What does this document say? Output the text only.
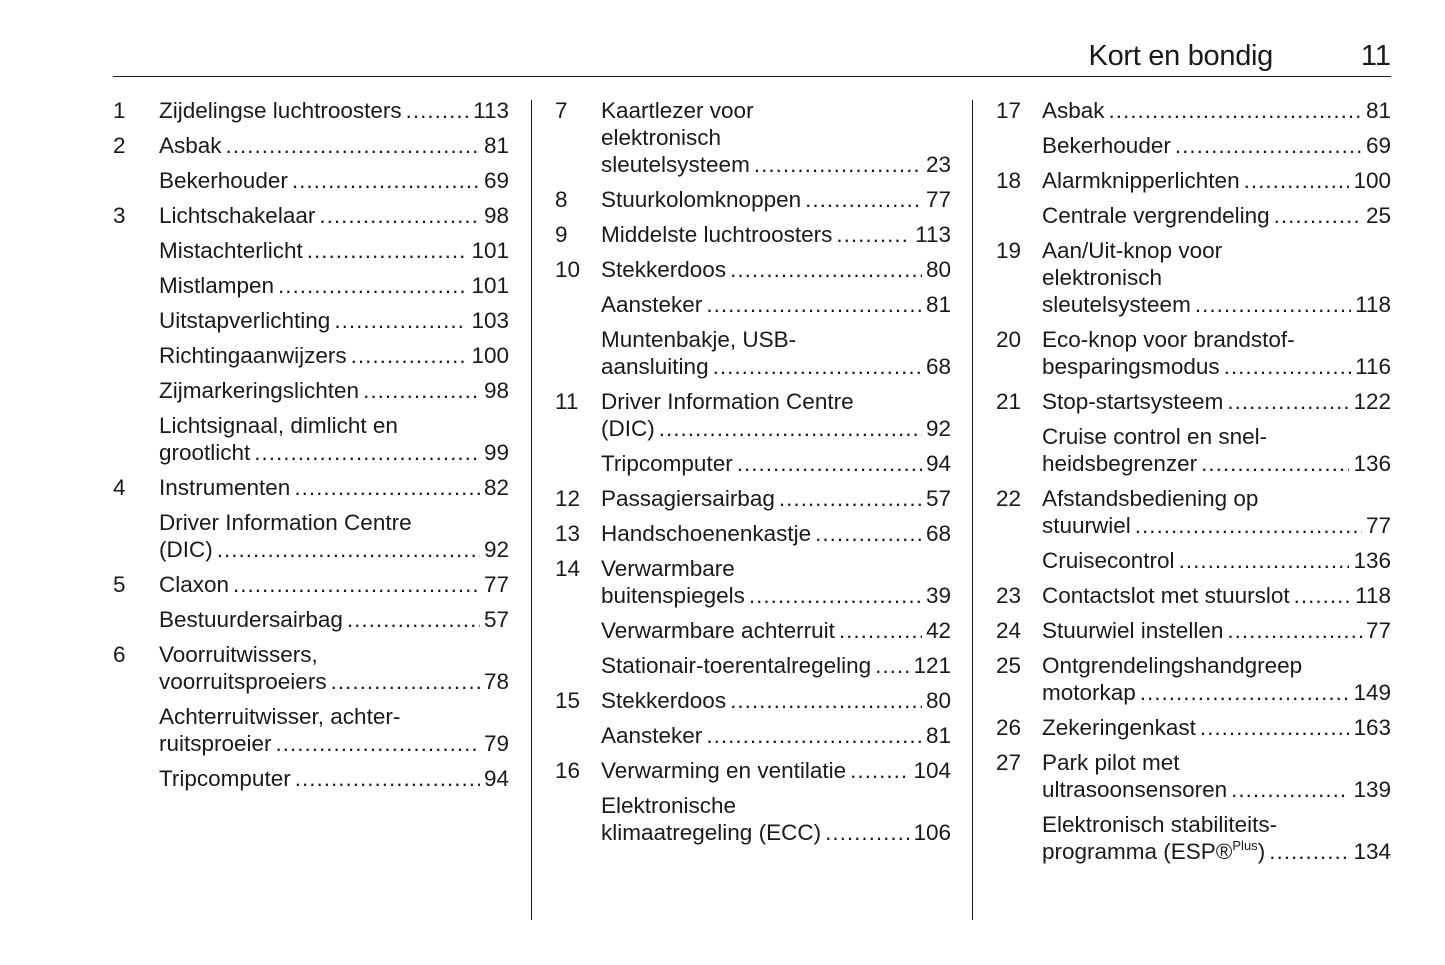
Kort en bondig	11
1	Zijdelingse luchtroosters .....	113
2	Asbak .....	81
Bekerhouder .....	69
3	Lichtschakelaar .....	98
Mistachterlicht .....	101
Mistlampen .....	101
Uitstapverlichting .....	103
Richtingaanwijzers .....	100
Zijmarkeringslichten .....	98
Lichtsignaal, dimlicht en
grootlicht .....	99
4	Instrumenten .....	82
Driver Information Centre
(DIC) .....	92
5	Claxon .....	77
Bestuurdersairbag .....	57
6	Voorruitwissers,
voorruitsproeiers .....	78
Achterruitwisser, achter-
ruitsproeier .....	79
Tripcomputer .....	94
7	Kaartlezer voor
elektronisch
sleutelsysteem .....	23
8	Stuurkolomknoppen .....	77
9	Middelste luchtroosters .....	113
10 Stekkerdoos .....	80
Aansteker .....	81
Muntenbakje, USB-
aansluiting .....	68
11	Driver Information Centre
(DIC) .....	92
Tripcomputer .....	94
12 Passagiersairbag .....	57
13 Handschoenenkastje .....	68
14 Verwarmbare
buitenspiegels .....	39
Verwarmbare achterruit .....	42
Stationair-toerentalregeling ..... 121
15 Stekkerdoos .....	80
Aansteker .....	81
16 Verwarming en ventilatie .....	104
Elektronische
klimaatregeling (ECC) .....	106
17 Asbak .....	81
Bekerhouder .....	69
18 Alarmknipperlichten .....	100
Centrale vergrendeling .....	25
19 Aan/Uit-knop voor
elektronisch
sleutelsysteem .....	118
20 Eco-knop voor brandstof-
besparingsmodus .....	116
21 Stop-startsysteem .....	122
Cruise control en snel-
heidsbegrenzer .....	136
22 Afstandsbediening op
stuurwiel .....	77
Cruisecontrol .....	136
23 Contactslot met stuurslot .....	118
24 Stuurwiel instellen .....	77
25 Ontgrendelingshandgreep
motorkap .....	149
26 Zekeringenkast .....	163
27 Park pilot met
ultrasoonsensoren .....	139
Elektronisch stabiliteits-
programma (ESP®$^{Plus}$) .....	134
